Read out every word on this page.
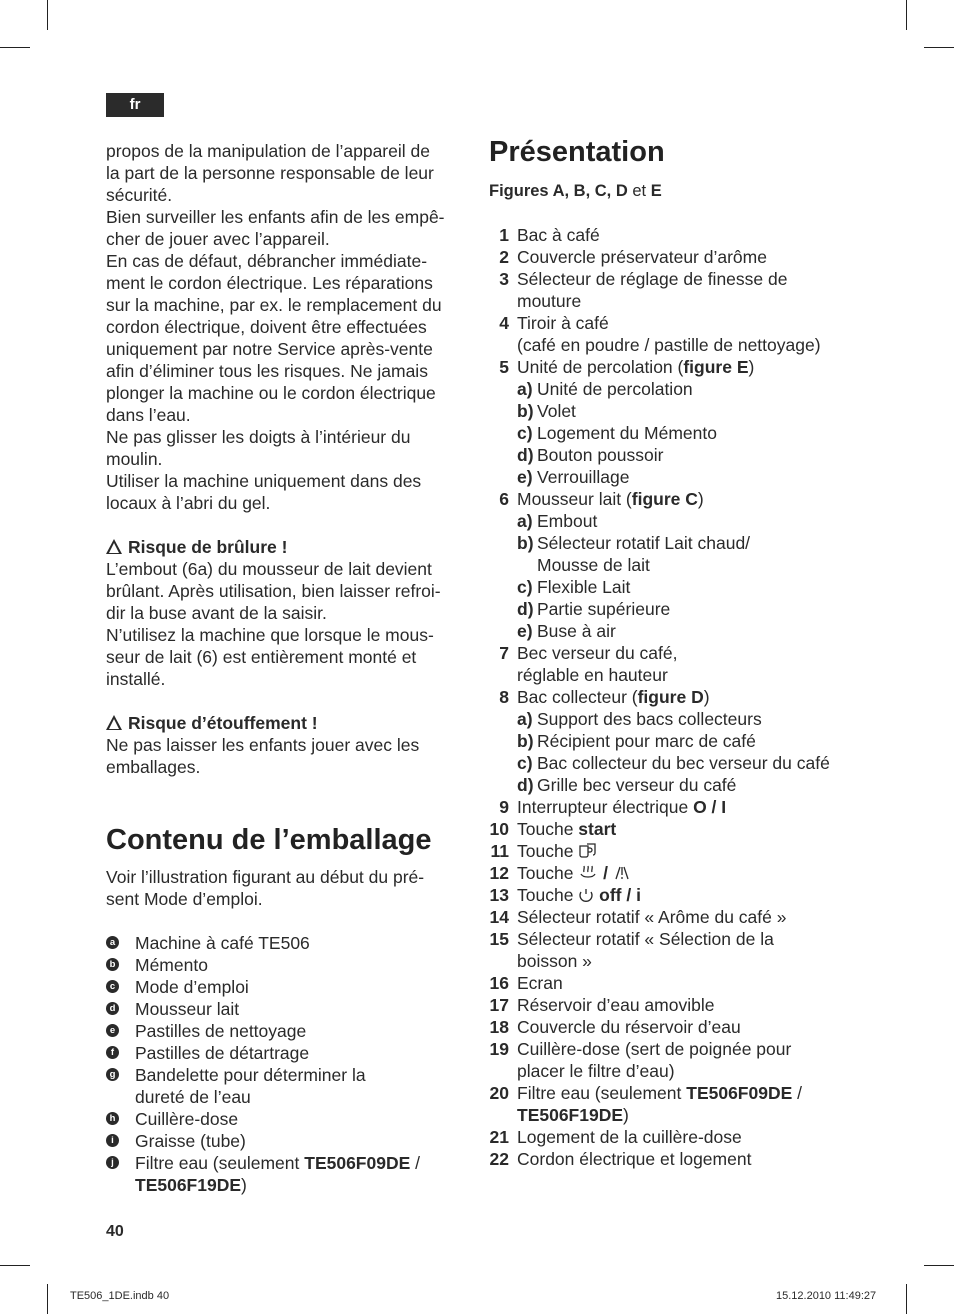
fr
propos de la manipulation de l’appareil de
la part de la personne responsable de leur
sécurité.
Bien surveiller les enfants afin de les empê-
cher de jouer avec l’appareil.
En cas de défaut, débrancher immédiate-
ment le cordon électrique. Les réparations
sur la machine, par ex. le remplacement du
cordon électrique, doivent être effectuées
uniquement par notre Service après-vente
afin d’éliminer tous les risques. Ne jamais
plonger la machine ou le cordon électrique
dans l’eau.
Ne pas glisser les doigts à l’intérieur du
moulin.
Utiliser la machine uniquement dans des
locaux à l’abri du gel.

Risque de brûlure !

L’embout (6a) du mousseur de lait devient
brûlant. Après utilisation, bien laisser refroi-
dir la buse avant de la saisir.
N’utilisez la machine que lorsque le mous-
seur de lait (6) est entièrement monté et
installé.

Risque d’étouffement !

Ne pas laisser les enfants jouer avec les
emballages.
Contenu de l’emballage
Voir l’illustration figurant au début du pré-
sent Mode d’emploi.
a Machine à café TE506
b Mémento
c Mode d’emploi
d Mousseur lait
e Pastilles de nettoyage
f Pastilles de détartrage
g Bandelette pour déterminer la
dureté de l’eau
h Cuillère-dose
i Graisse (tube)
j Filtre eau (seulement TE506F09DE /
TE506F19DE)
Présentation

Figures A, B, C, D et E

1 Bac à café
2 Couvercle préservateur d’arôme
3 Sélecteur de réglage de finesse de
mouture
4 Tiroir à café
(café en poudre / pastille de nettoyage)
5 Unité de percolation (figure E)
a) Unité de percolation
b) Volet
c) Logement du Mémento
d) Bouton poussoir
e) Verrouillage
6 Mousseur lait (figure C)
a) Embout
b) Sélecteur rotatif Lait chaud/
Mousse de lait
c) Flexible Lait
d) Partie supérieure
e) Buse à air
7 Bec verseur du café,
réglable en hauteur
8 Bac collecteur (figure D)
a) Support des bacs collecteurs
b) Récipient pour marc de café
c) Bac collecteur du bec verseur du café
d) Grille bec verseur du café
9 Interrupteur électrique O / I
10 Touche start
11 Touche
12 Touche  /
13 Touche  off / i
14 Sélecteur rotatif « Arôme du café »
15 Sélecteur rotatif « Sélection de la
boisson »
16 Ecran
17 Réservoir d’eau amovible
18 Couvercle du réservoir d’eau
19 Cuillère-dose (sert de poignée pour
placer le filtre d’eau)
20 Filtre eau (seulement TE506F09DE /
TE506F19DE)
21 Logement de la cuillère-dose
22 Cordon électrique et logement
40
TE506_1DE.indb 40	15.12.2010 11:49:27
